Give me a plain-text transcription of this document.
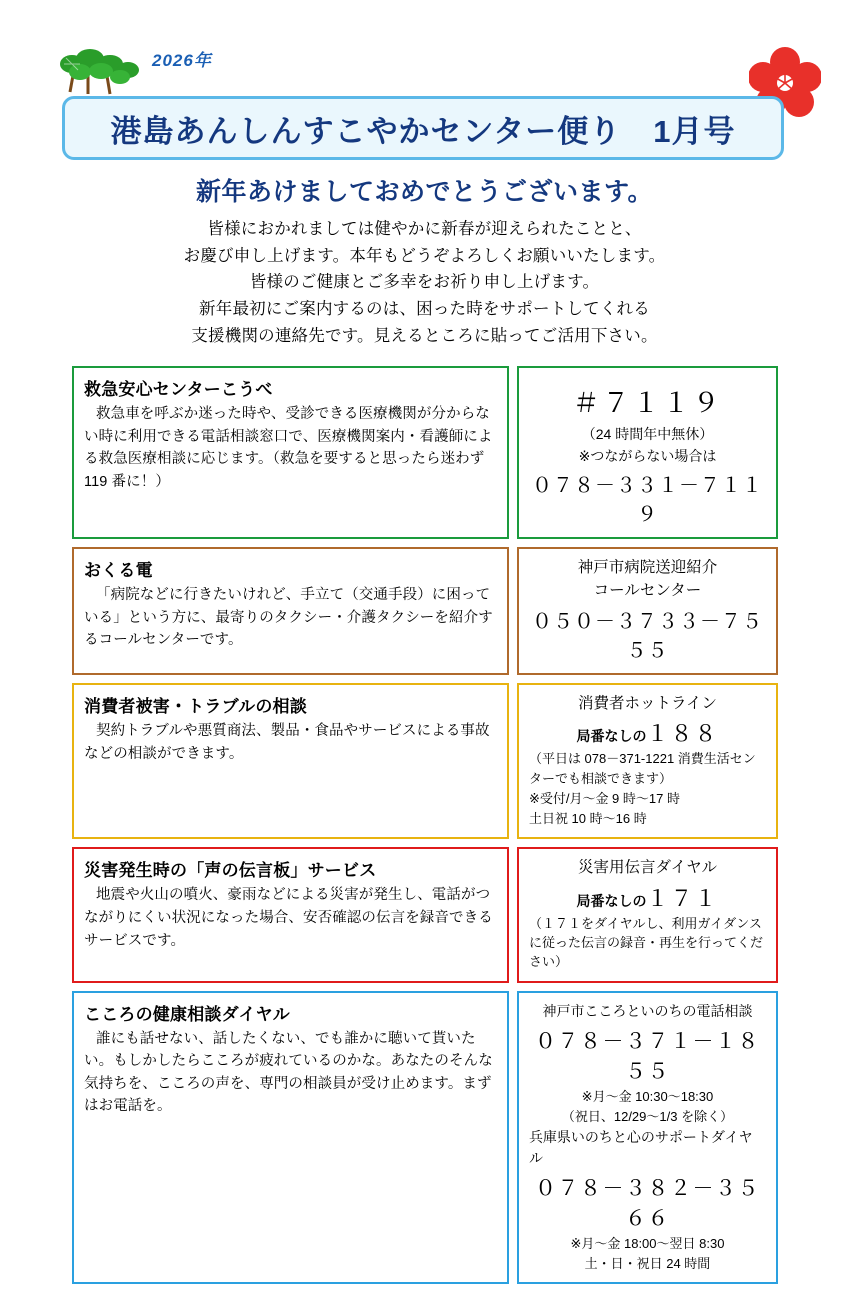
2026年
港島あんしんすこやかセンター便り　1月号
新年あけましておめでとうございます。
皆様におかれましては健やかに新春が迎えられたことと、
お慶び申し上げます。本年もどうぞよろしくお願いいたします。
皆様のご健康とご多幸をお祈り申し上げます。
新年最初にご案内するのは、困った時をサポートしてくれる
支援機関の連絡先です。見えるところに貼ってご活用下さい。
救急安心センターこうべ

救急車を呼ぶか迷った時や、受診できる医療機関が分からない時に利用できる電話相談窓口で、医療機関案内・看護師による救急医療相談に応じます。（救急を要すると思ったら迷わず 119 番に！）

＃７１１９
（24 時間年中無休）
※つながらない場合は
０７８－３３１－７１１９
おくる電

「病院などに行きたいけれど、手立て（交通手段）に困っている」という方に、最寄りのタクシー・介護タクシーを紹介するコールセンターです。

神戸市病院送迎紹介
コールセンター
０５０－３７３３－７５５５
消費者被害・トラブルの相談

契約トラブルや悪質商法、製品・食品やサービスによる事故などの相談ができます。

消費者ホットライン
局番なしの１８８
（平日は 078－371-1221 消費生活センターでも相談できます）
※受付/月～金 9 時～17 時
土日祝 10 時～16 時
災害発生時の「声の伝言板」サービス

地震や火山の噴火、豪雨などによる災害が発生し、電話がつながりにくい状況になった場合、安否確認の伝言を録音できるサービスです。

災害用伝言ダイヤル
局番なしの１７１
（１７１をダイヤルし、利用ガイダンスに従った伝言の録音・再生を行ってください）
こころの健康相談ダイヤル

誰にも話せない、話したくない、でも誰かに聴いて貰いたい。もしかしたらこころが疲れているのかな。あなたのそんな気持ちを、こころの声を、専門の相談員が受け止めます。まずはお電話を。

神戸市こころといのちの電話相談
０７８－３７１－１８５５
※月～金 10:30～18:30
（祝日、12/29～1/3 を除く）
兵庫県いのちと心のサポートダイヤル
０７８－３８２－３５６６
※月～金 18:00～翌日 8:30
土・日・祝日 24 時間
